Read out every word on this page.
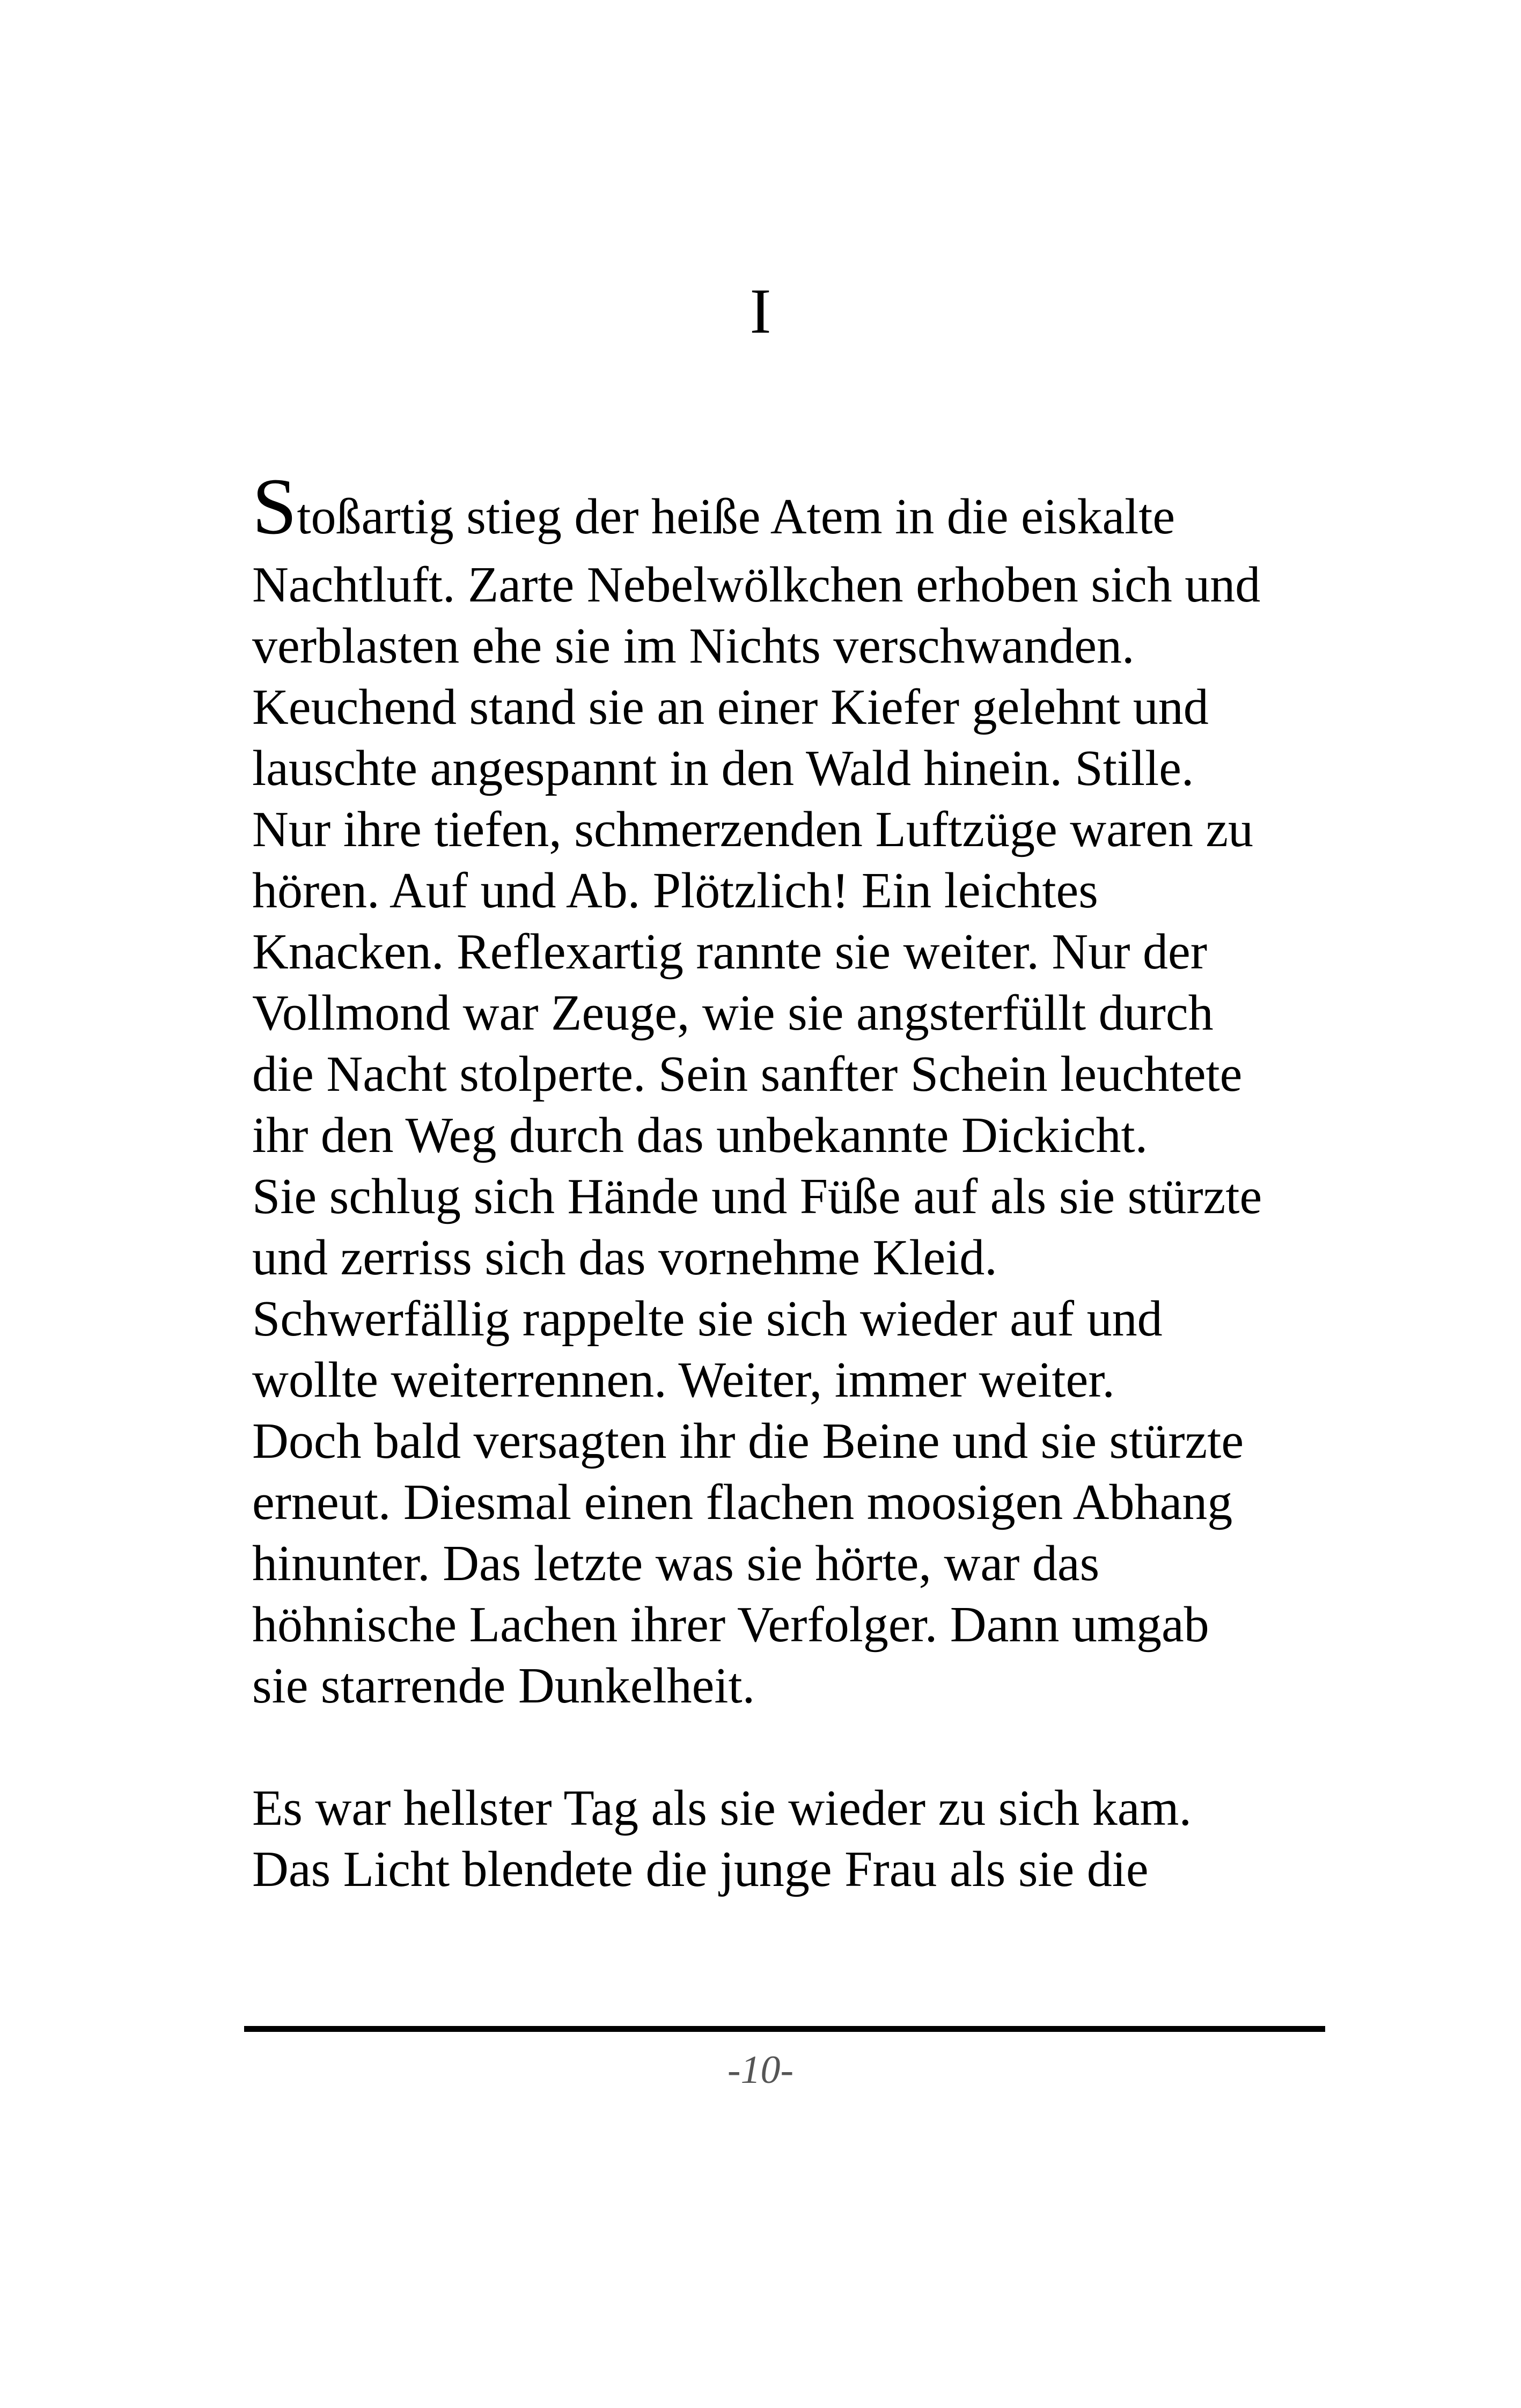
I
Stoßartig stieg der heiße Atem in die eiskalte
Nachtluft. Zarte Nebelwölkchen erhoben sich und
verblasten ehe sie im Nichts verschwanden.
Keuchend stand sie an einer Kiefer gelehnt und
lauschte angespannt in den Wald hinein. Stille.
Nur ihre tiefen, schmerzenden Luftzüge waren zu
hören. Auf und Ab. Plötzlich! Ein leichtes
Knacken. Reflexartig rannte sie weiter. Nur der
Vollmond war Zeuge, wie sie angsterfüllt durch
die Nacht stolperte. Sein sanfter Schein leuchtete
ihr den Weg durch das unbekannte Dickicht.
Sie schlug sich Hände und Füße auf als sie stürzte
und zerriss sich das vornehme Kleid.
Schwerfällig rappelte sie sich wieder auf und
wollte weiterrennen. Weiter, immer weiter.
Doch bald versagten ihr die Beine und sie stürzte
erneut. Diesmal einen flachen moosigen Abhang
hinunter. Das letzte was sie hörte, war das
höhnische Lachen ihrer Verfolger. Dann umgab
sie starrende Dunkelheit.
Es war hellster Tag als sie wieder zu sich kam.
Das Licht blendete die junge Frau als sie die
-10-
